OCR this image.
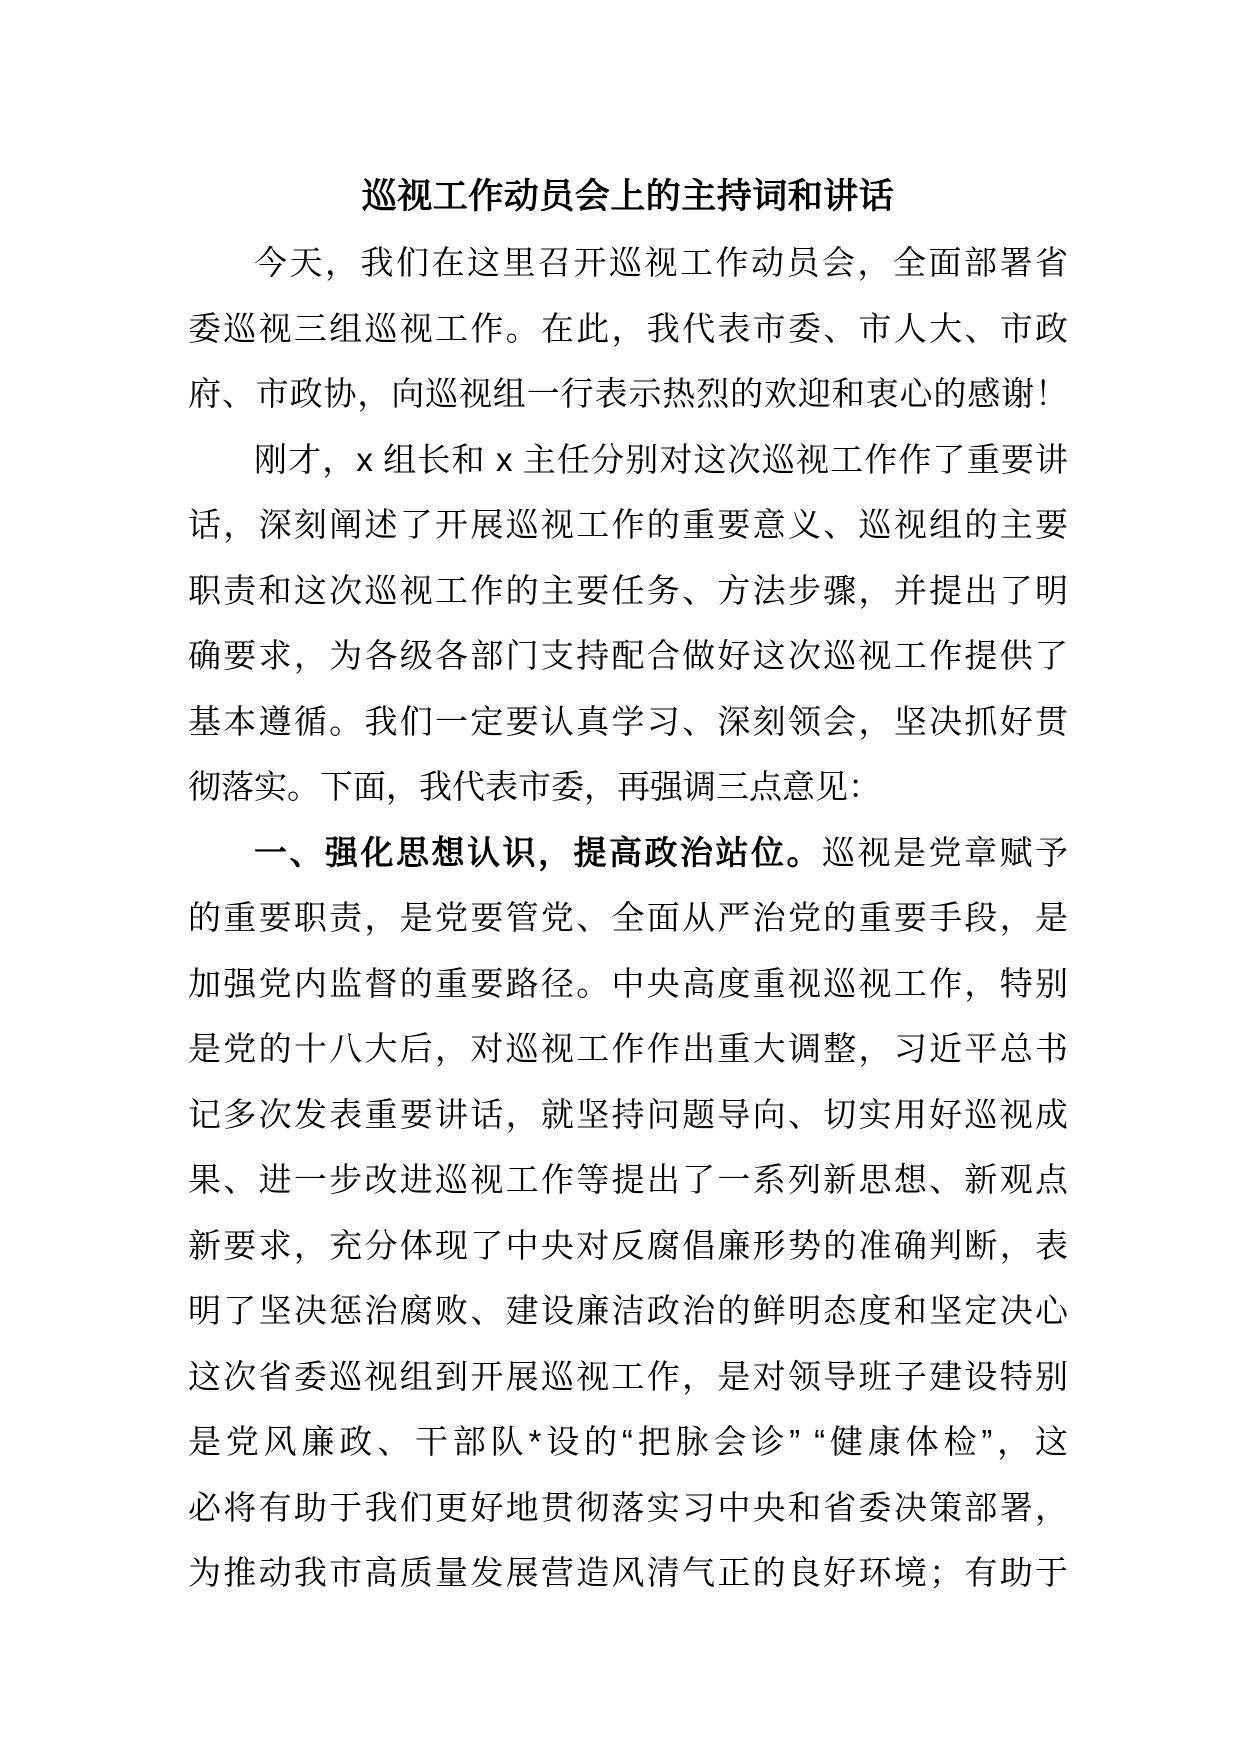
巡视工作动员会上的主持词和讲话
今天，我们在这里召开巡视工作动员会，全面部署省
委巡视三组巡视工作。在此，我代表市委、市人大、市政
府、市政协，向巡视组一行表示热烈的欢迎和衷心的感谢！
刚才，x 组长和 x 主任分别对这次巡视工作作了重要讲
话，深刻阐述了开展巡视工作的重要意义、巡视组的主要
职责和这次巡视工作的主要任务、方法步骤，并提出了明
确要求，为各级各部门支持配合做好这次巡视工作提供了
基本遵循。我们一定要认真学习、深刻领会，坚决抓好贯
彻落实。下面，我代表市委，再强调三点意见：
一、强化思想认识，提高政治站位。巡视是党章赋予
的重要职责，是党要管党、全面从严治党的重要手段，是
加强党内监督的重要路径。中央高度重视巡视工作，特别
是党的十八大后，对巡视工作作出重大调整，习近平总书
记多次发表重要讲话，就坚持问题导向、切实用好巡视成
果、进一步改进巡视工作等提出了一系列新思想、新观点
新要求，充分体现了中央对反腐倡廉形势的准确判断，表
明了坚决惩治腐败、建设廉洁政治的鲜明态度和坚定决心
这次省委巡视组到开展巡视工作，是对领导班子建设特别
是党风廉政、干部队*设的“把脉会诊” “健康体检”，这
必将有助于我们更好地贯彻落实习中央和省委决策部署，
为推动我市高质量发展营造风清气正的良好环境；有助于
